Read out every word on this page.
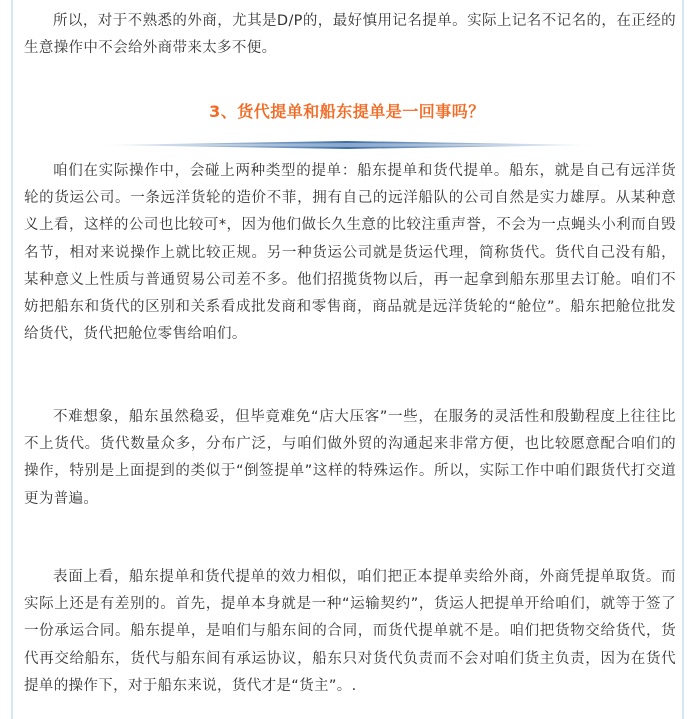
所以，对于不熟悉的外商，尤其是D/P的，最好慎用记名提单。实际上记名不记名的，在正经的生意操作中不会给外商带来太多不便。

3、货代提单和船东提单是一回事吗？

咱们在实际操作中，会碰上两种类型的提单：船东提单和货代提单。船东，就是自己有远洋货轮的货运公司。一条远洋货轮的造价不菲，拥有自己的远洋船队的公司自然是实力雄厚。从某种意义上看，这样的公司也比较可*，因为他们做长久生意的比较注重声誉，不会为一点蝇头小利而自毁名节，相对来说操作上就比较正规。另一种货运公司就是货运代理，简称货代。货代自己没有船，某种意义上性质与普通贸易公司差不多。他们招揽货物以后，再一起拿到船东那里去订舱。咱们不妨把船东和货代的区别和关系看成批发商和零售商，商品就是远洋货轮的“舱位”。船东把舱位批发给货代，货代把舱位零售给咱们。

不难想象，船东虽然稳妥，但毕竟难免“店大压客”一些，在服务的灵活性和殷勤程度上往往比不上货代。货代数量众多，分布广泛，与咱们做外贸的沟通起来非常方便，也比较愿意配合咱们的操作，特别是上面提到的类似于“倒签提单”这样的特殊运作。所以，实际工作中咱们跟货代打交道更为普遍。

表面上看，船东提单和货代提单的效力相似，咱们把正本提单卖给外商，外商凭提单取货。而实际上还是有差别的。首先，提单本身就是一种“运输契约”，货运人把提单开给咱们，就等于签了一份承运合同。船东提单，是咱们与船东间的合同，而货代提单就不是。咱们把货物交给货代，货代再交给船东，货代与船东间有承运协议，船东只对货代负责而不会对咱们货主负责，因为在货代提单的操作下，对于船东来说，货代才是“货主”。.
